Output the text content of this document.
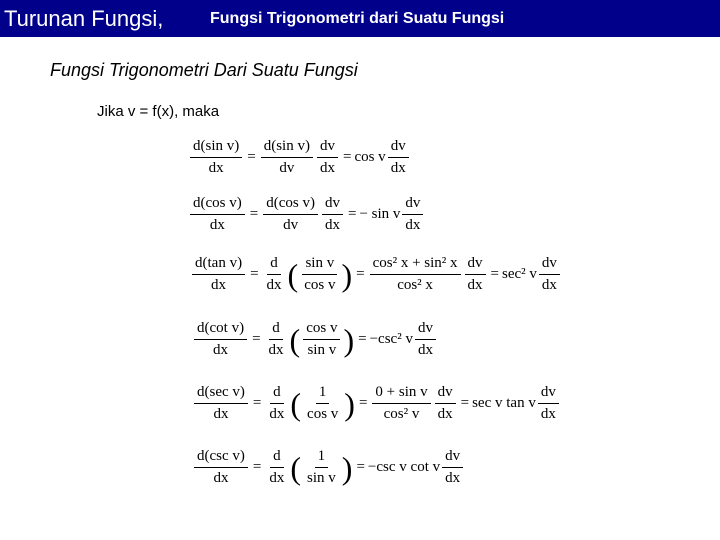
Turunan Fungsi,	Fungsi Trigonometri dari Suatu Fungsi
Fungsi Trigonometri Dari Suatu Fungsi
Jika v = f(x), maka
$\frac{\text{d(sin v)}}{dx} = \frac{\text{d(sin v)}}{dv} \frac{dv}{dx} = \cos v \frac{dv}{dx}$
$\frac{\text{d(cos v)}}{dx} = \frac{\text{d(cos v)}}{dv} \frac{dv}{dx}$ = − sin v $\frac{dv}{dx}$
$\frac{\text{d(tan v)}}{dx} = \frac{d}{dx}$ ( $\frac{\text{sin v}}{\text{cos v}}$ ) = $\frac{\text{cos² x + sin² x}}{\text{cos² x}} \frac{dv}{dx} = \sec^2$ v $\frac{dv}{dx}$
$\frac{\text{d(cot v)}}{dx} = \frac{d}{dx}$ ( $\frac{\text{cos v}}{\text{sin v}}$ ) = −csc² v $\frac{dv}{dx}$
$\frac{\text{d(sec v)}}{dx} = \frac{d}{dx}$ ( $\frac{1}{\text{cos v}}$ ) = $\frac{\text{0 + sin v}}{\text{cos² v}} \frac{dv}{dx} = \sec v$ tan v $\frac{dv}{dx}$
$\frac{\text{d(csc v)}}{dx} = \frac{d}{dx}$ ( $\frac{1}{\text{sin v}}$ ) = −csc v cot v $\frac{dv}{dx}$
